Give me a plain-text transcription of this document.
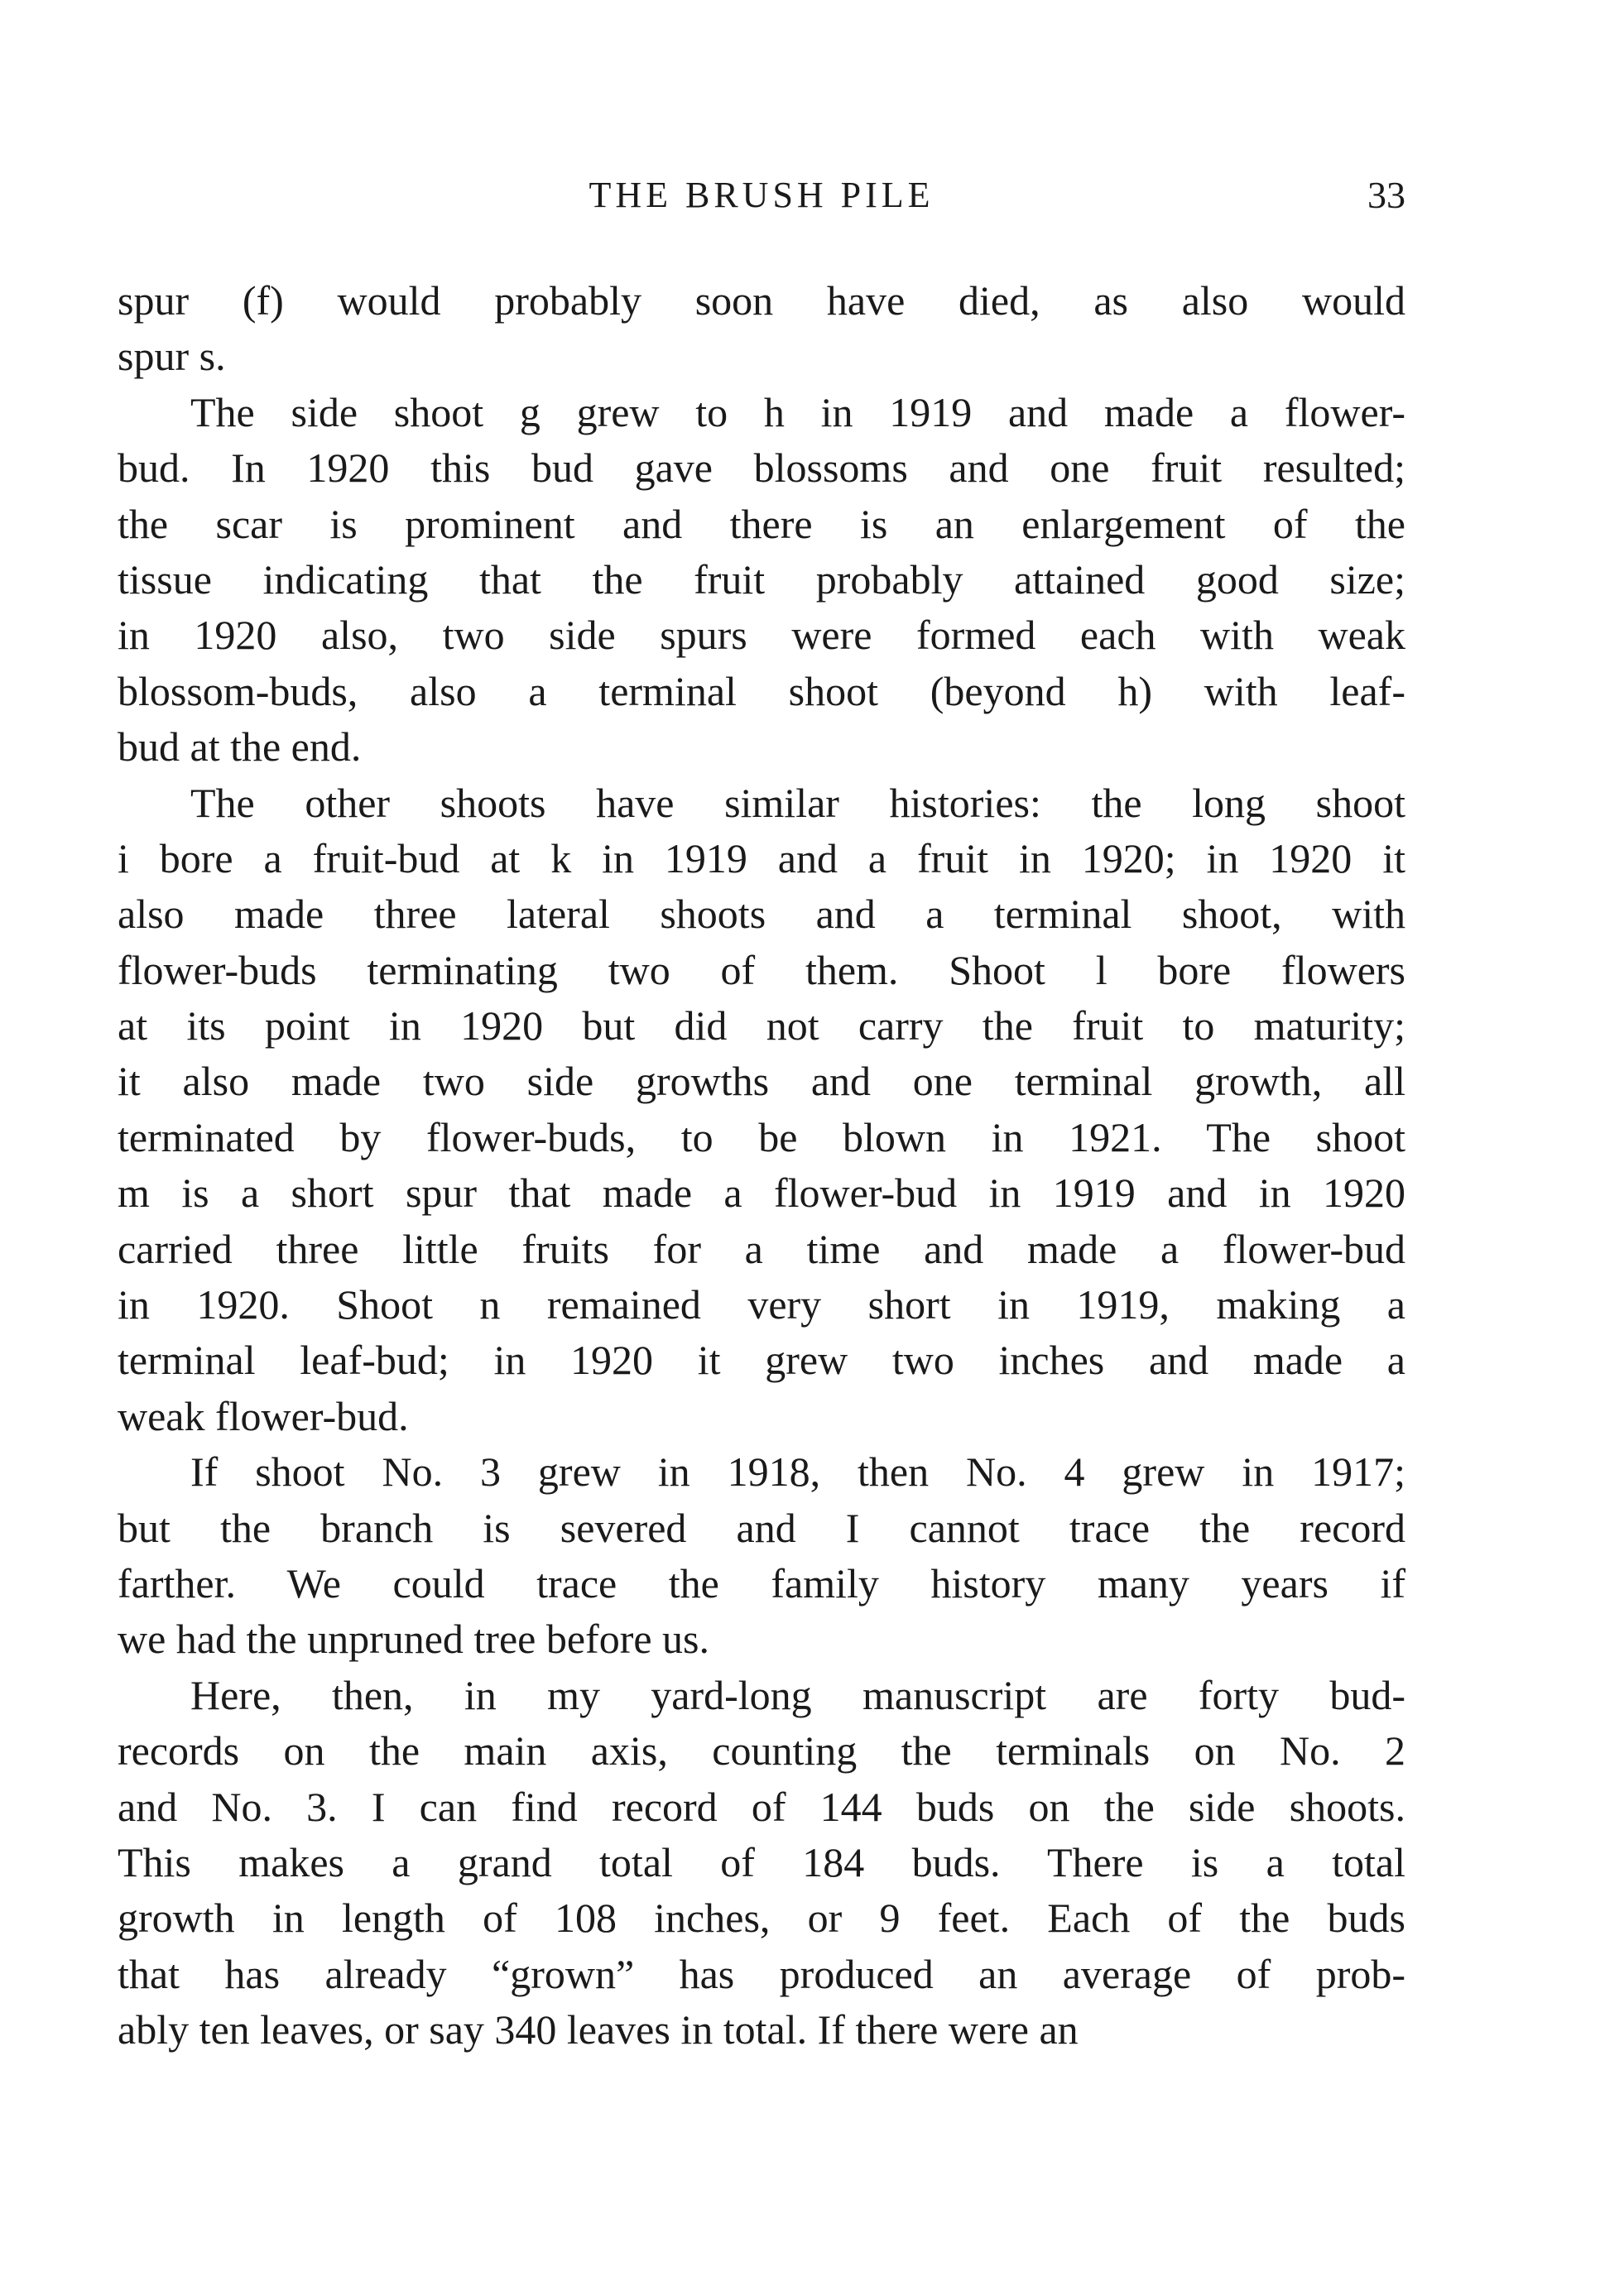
THE BRUSH PILE	33
spur (f) would probably soon have died, as also would
spur s.
The side shoot g grew to h in 1919 and made a flower-
bud. In 1920 this bud gave blossoms and one fruit resulted;
the scar is prominent and there is an enlargement of the
tissue indicating that the fruit probably attained good size;
in 1920 also, two side spurs were formed each with weak
blossom-buds, also a terminal shoot (beyond h) with leaf-
bud at the end.
The other shoots have similar histories: the long shoot
i bore a fruit-bud at k in 1919 and a fruit in 1920; in 1920 it
also made three lateral shoots and a terminal shoot, with
flower-buds terminating two of them. Shoot l bore flowers
at its point in 1920 but did not carry the fruit to maturity;
it also made two side growths and one terminal growth, all
terminated by flower-buds, to be blown in 1921. The shoot
m is a short spur that made a flower-bud in 1919 and in 1920
carried three little fruits for a time and made a flower-bud
in 1920. Shoot n remained very short in 1919, making a
terminal leaf-bud; in 1920 it grew two inches and made a
weak flower-bud.
If shoot No. 3 grew in 1918, then No. 4 grew in 1917;
but the branch is severed and I cannot trace the record
farther. We could trace the family history many years if
we had the unpruned tree before us.
Here, then, in my yard-long manuscript are forty bud-
records on the main axis, counting the terminals on No. 2
and No. 3. I can find record of 144 buds on the side shoots.
This makes a grand total of 184 buds. There is a total
growth in length of 108 inches, or 9 feet. Each of the buds
that has already “grown” has produced an average of prob-
ably ten leaves, or say 340 leaves in total. If there were an
